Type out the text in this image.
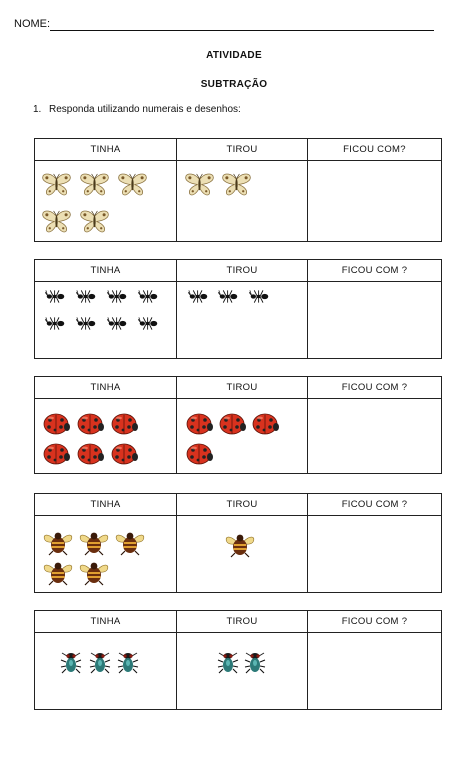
NOME:
ATIVIDADE
SUBTRAÇÃO
1. Responda utilizando numerais e desenhos:
TINHA	TIROU	FICOU COM?

TINHA	TIROU	FICOU COM ?

TINHA	TIROU	FICOU COM ?

TINHA	TIROU	FICOU COM ?

TINHA	TIROU	FICOU COM ?
